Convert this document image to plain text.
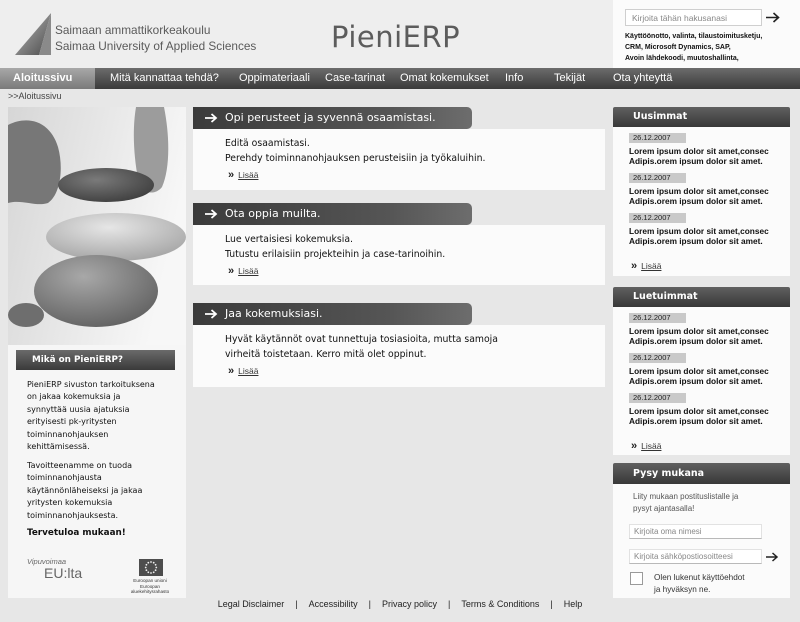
Saimaan ammattikorkeakoulu
Saimaa University of Applied Sciences	PieniERP
Kirjoita tähän hakusanasi	Käyttöönotto, valinta, tilaustoimitusketju,
CRM, Microsoft Dynamics, SAP,
Avoin lähdekoodi, muutoshallinta,
Aloitussivu	Mitä kannattaa tehdä? Oppimateriaali Case-tarinat Omat kokemukset Info	Tekijät	Ota yhteyttä
>>Aloitussivu
Mikä on PieniERP?
PieniERP sivuston tarkoituksena
on jakaa kokemuksia ja
synnyttää uusia ajatuksia
erityisesti pk-yritysten
toiminnanohjauksen
kehittämisessä.
Tavoitteenamme on tuoda
toiminnanohjausta
käytännönläheiseksi ja jakaa
yritysten kokemuksia
toiminnanohjauksesta.
Tervetuloa mukaan!
Vipuvoimaa
EU:lta	Euroopan unioni
Euroopan aluekehitysrahasto
Opi perusteet ja syvennä osaamistasi.
Editä osaamistasi.
Perehdy toiminnanohjauksen perusteisiin ja työkaluihin.
» Lisää
Ota oppia muilta.
Lue vertaisiesi kokemuksia.
Tutustu erilaisiin projekteihin ja case-tarinoihin.
» Lisää
Jaa kokemuksiasi.
Hyvät käytännöt ovat tunnettuja tosiasioita, mutta samoja
virheitä toistetaan. Kerro mitä olet oppinut.
» Lisää
Uusimmat
26.12.2007
Lorem ipsum dolor sit amet,consec
Adipis.orem ipsum dolor sit amet.
26.12.2007
Lorem ipsum dolor sit amet,consec
Adipis.orem ipsum dolor sit amet.
26.12.2007
Lorem ipsum dolor sit amet,consec
Adipis.orem ipsum dolor sit amet.
» Lisää
Luetuimmat
26.12.2007
Lorem ipsum dolor sit amet,consec
Adipis.orem ipsum dolor sit amet.
26.12.2007
Lorem ipsum dolor sit amet,consec
Adipis.orem ipsum dolor sit amet.
26.12.2007
Lorem ipsum dolor sit amet,consec
Adipis.orem ipsum dolor sit amet.
» Lisää
Pysy mukana
Liity mukaan postituslistalle ja
pysyt ajantasalla!
Kirjoita oma nimesi
Kirjoita sähköpostiosoitteesi
Olen lukenut käyttöehdot
ja hyväksyn ne.
Legal Disclaimer | Accessibility | Privacy policy | Terms & Conditions | Help
